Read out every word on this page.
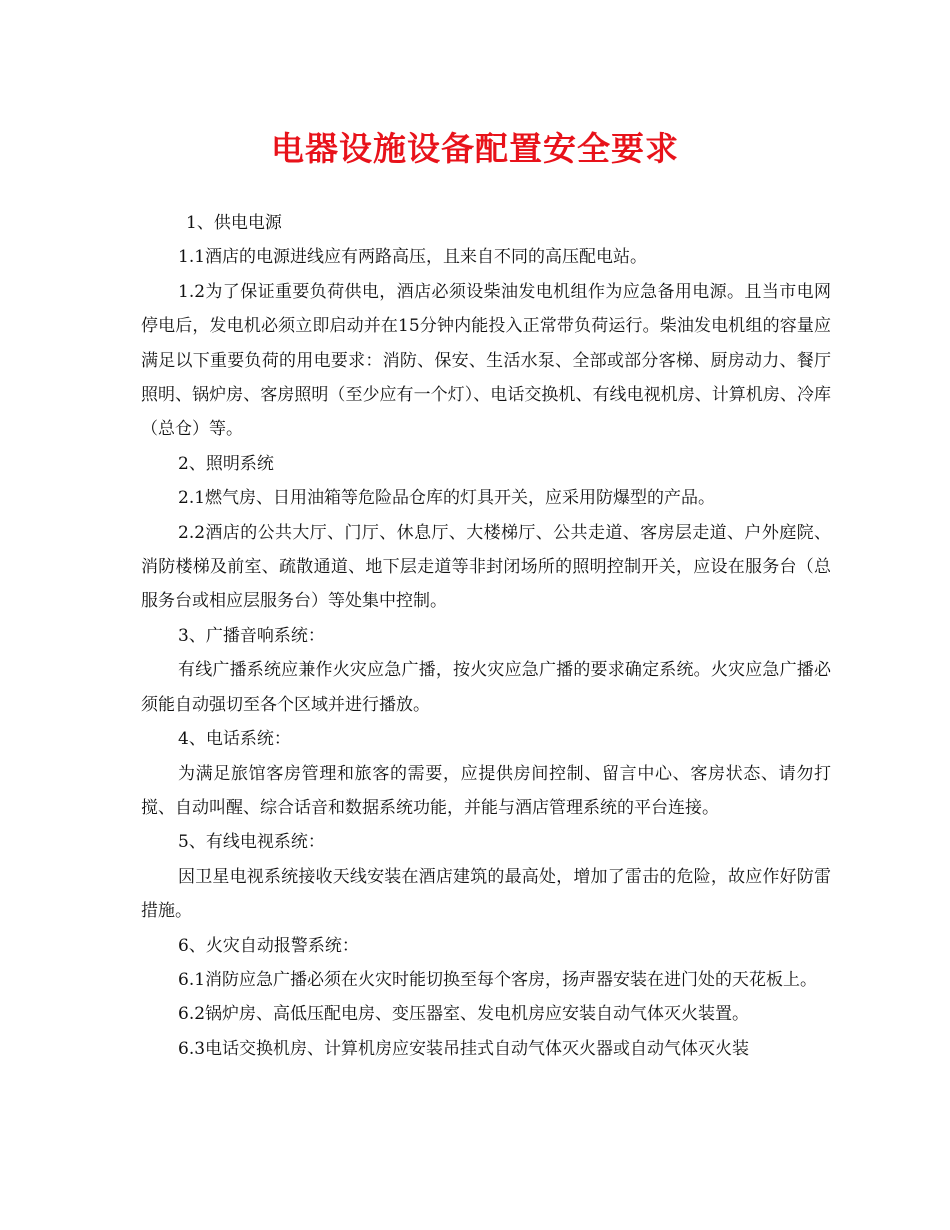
电器设施设备配置安全要求

1、供电电源

1.1酒店的电源进线应有两路高压，且来自不同的高压配电站。

1.2为了保证重要负荷供电，酒店必须设柴油发电机组作为应急备用电源。且当市电网停电后，发电机必须立即启动并在15分钟内能投入正常带负荷运行。柴油发电机组的容量应满足以下重要负荷的用电要求：消防、保安、生活水泵、全部或部分客梯、厨房动力、餐厅照明、锅炉房、客房照明（至少应有一个灯）、电话交换机、有线电视机房、计算机房、冷库（总仓）等。

2、照明系统

2.1燃气房、日用油箱等危险品仓库的灯具开关，应采用防爆型的产品。

2.2酒店的公共大厅、门厅、休息厅、大楼梯厅、公共走道、客房层走道、户外庭院、消防楼梯及前室、疏散通道、地下层走道等非封闭场所的照明控制开关，应设在服务台（总服务台或相应层服务台）等处集中控制。

3、广播音响系统：

有线广播系统应兼作火灾应急广播，按火灾应急广播的要求确定系统。火灾应急广播必须能自动强切至各个区域并进行播放。

4、电话系统：

为满足旅馆客房管理和旅客的需要，应提供房间控制、留言中心、客房状态、请勿打搅、自动叫醒、综合话音和数据系统功能，并能与酒店管理系统的平台连接。

5、有线电视系统：

因卫星电视系统接收天线安装在酒店建筑的最高处，增加了雷击的危险，故应作好防雷措施。

6、火灾自动报警系统：

6.1消防应急广播必须在火灾时能切换至每个客房，扬声器安装在进门处的天花板上。

6.2锅炉房、高低压配电房、变压器室、发电机房应安装自动气体灭火装置。

6.3电话交换机房、计算机房应安装吊挂式自动气体灭火器或自动气体灭火装
